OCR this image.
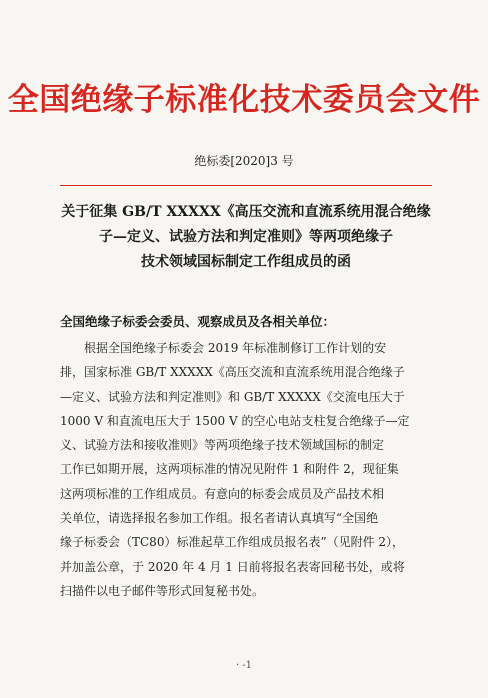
全国绝缘子标准化技术委员会文件
绝标委[2020]3 号
关于征集 GB/T XXXXX《高压交流和直流系统用混合绝缘
子—定义、试验方法和判定准则》等两项绝缘子
技术领域国标制定工作组成员的函
全国绝缘子标委会委员、观察成员及各相关单位：
根据全国绝缘子标委会 2019 年标准制修订工作计划的安
排，国家标准 GB/T XXXXX《高压交流和直流系统用混合绝缘子
—定义、试验方法和判定准则》和 GB/T XXXXX《交流电压大于
1000 V 和直流电压大于 1500 V 的空心电站支柱复合绝缘子—定
义、试验方法和接收准则》等两项绝缘子技术领域国标的制定
工作已如期开展，这两项标准的情况见附件 1 和附件 2，现征集
这两项标准的工作组成员。有意向的标委会成员及产品技术相
关单位，请选择报名参加工作组。报名者请认真填写“全国绝
缘子标委会（TC80）标准起草工作组成员报名表”（见附件 2），
并加盖公章，于 2020 年 4 月 1 日前将报名表寄回秘书处，或将
扫描件以电子邮件等形式回复秘书处。
· -1
